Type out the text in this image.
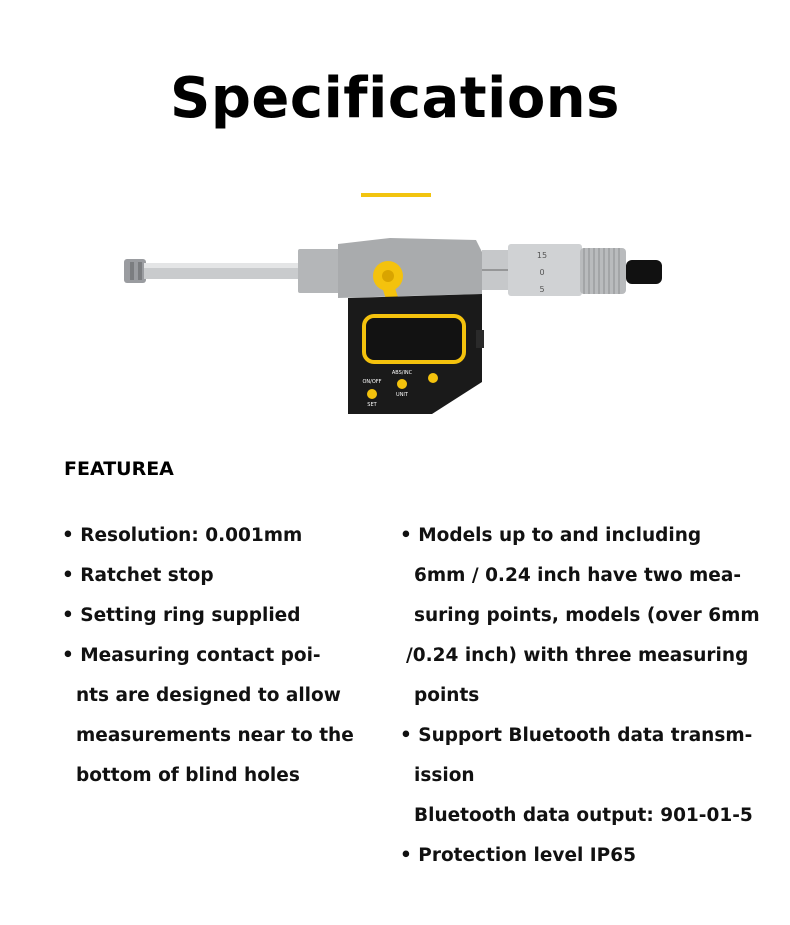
Specifications
ON/OFF
SET
ABS/INC
UNIT
15
0
5
FEATUREA
• Resolution: 0.001mm
• Ratchet stop
• Setting ring supplied
• Measuring contact poi-
nts are designed to allow
measurements near to the
bottom of blind holes
• Models up to and including
6mm / 0.24 inch have two mea-
suring points, models (over 6mm
/0.24 inch) with three measuring
points
• Support Bluetooth data transm-
ission
Bluetooth data output: 901-01-5
• Protection level IP65
